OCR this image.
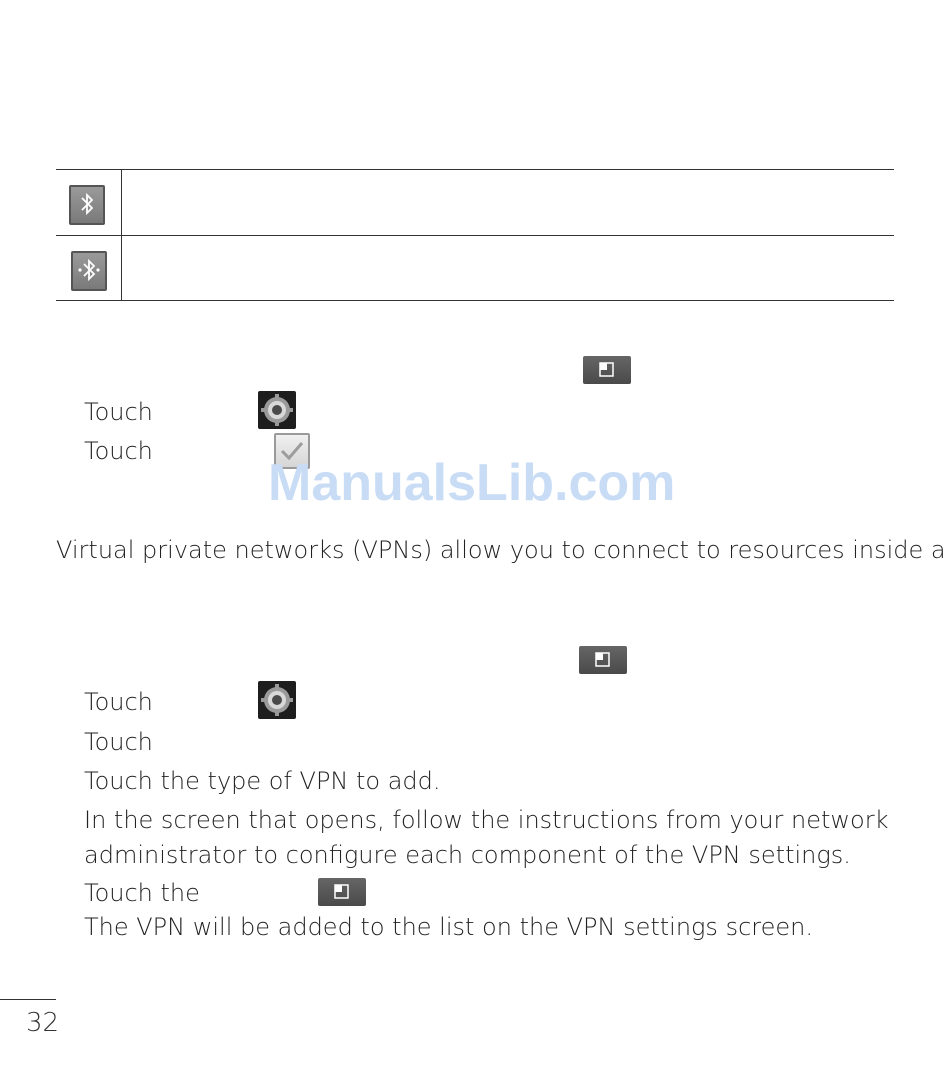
Touch
Touch
ManualsLib.com
Virtual private networks (VPNs) allow you to connect to resources inside a
Touch
Touch
Touch the type of VPN to add.
In the screen that opens, follow the instructions from your network
administrator to configure each component of the VPN settings.
Touch the
The VPN will be added to the list on the VPN settings screen.
32
